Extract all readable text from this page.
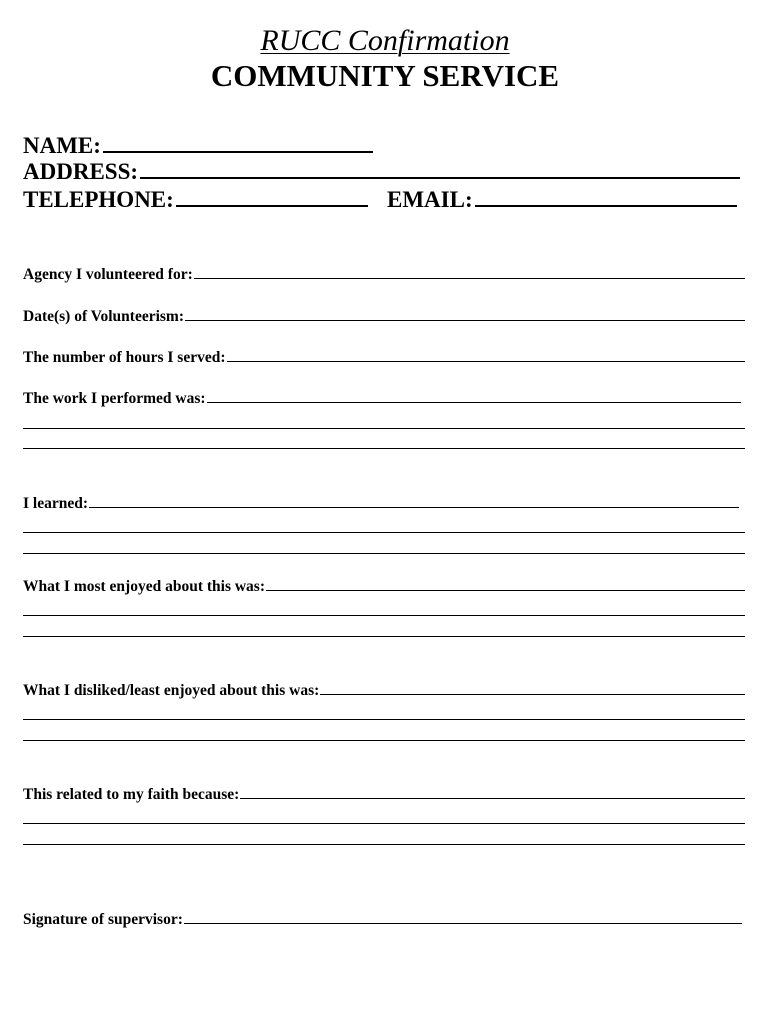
RUCC Confirmation
COMMUNITY SERVICE
NAME:
ADDRESS:
TELEPHONE:	EMAIL:
Agency I volunteered for:
Date(s) of Volunteerism:
The number of hours I served:
The work I performed was:
I learned:
What I most enjoyed about this was:
What I disliked/least enjoyed about this was:
This related to my faith because:
Signature of supervisor:
